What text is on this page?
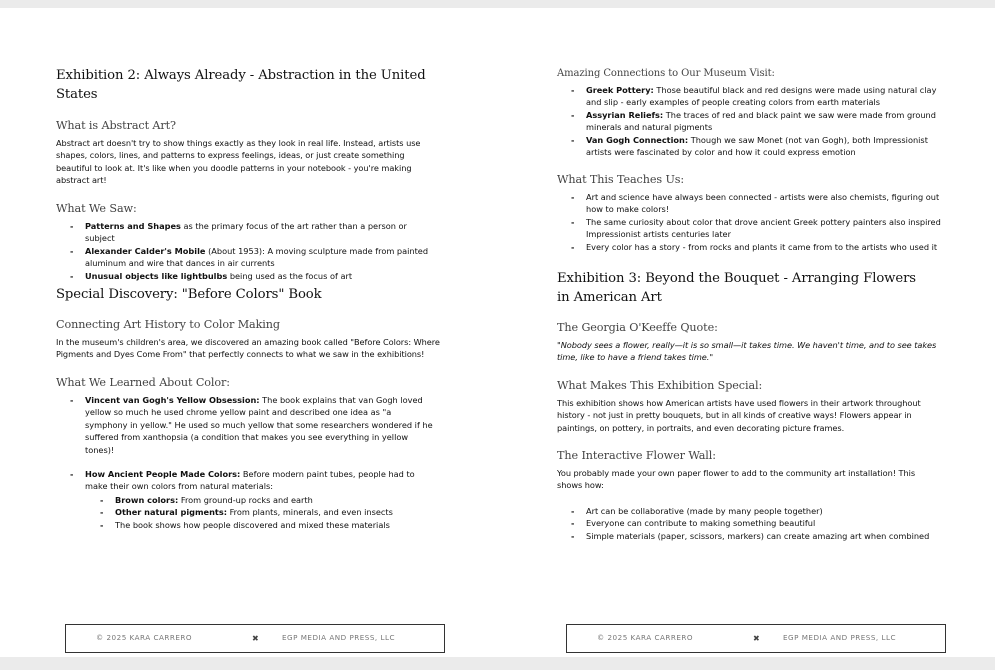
Exhibition 2: Always Already - Abstraction in the United States
What is Abstract Art?

Abstract art doesn't try to show things exactly as they look in real life. Instead, artists use shapes, colors, lines, and patterns to express feelings, ideas, or just create something beautiful to look at. It's like when you doodle patterns in your notebook - you're making abstract art!

What We Saw:
- Patterns and Shapes as the primary focus of the art rather than a person or subject
- Alexander Calder's Mobile (About 1953): A moving sculpture made from painted aluminum and wire that dances in air currents
- Unusual objects like lightbulbs being used as the focus of art
Special Discovery: "Before Colors" Book
Connecting Art History to Color Making

In the museum's children's area, we discovered an amazing book called "Before Colors: Where Pigments and Dyes Come From" that perfectly connects to what we saw in the exhibitions!

What We Learned About Color:
- Vincent van Gogh's Yellow Obsession: The book explains that van Gogh loved yellow so much he used chrome yellow paint and described one idea as "a symphony in yellow." He used so much yellow that some researchers wondered if he suffered from xanthopsia (a condition that makes you see everything in yellow tones)!
- How Ancient People Made Colors: Before modern paint tubes, people had to make their own colors from natural materials:
- Brown colors: From ground-up rocks and earth
- Other natural pigments: From plants, minerals, and even insects
- The book shows how people discovered and mixed these materials
© 2025 KARA CARRERO	✖	EGP MEDIA AND PRESS, LLC
Amazing Connections to Our Museum Visit:
- Greek Pottery: Those beautiful black and red designs were made using natural clay and slip - early examples of people creating colors from earth materials
- Assyrian Reliefs: The traces of red and black paint we saw were made from ground minerals and natural pigments
- Van Gogh Connection: Though we saw Monet (not van Gogh), both Impressionist artists were fascinated by color and how it could express emotion
What This Teaches Us:
- Art and science have always been connected - artists were also chemists, figuring out how to make colors!
- The same curiosity about color that drove ancient Greek pottery painters also inspired Impressionist artists centuries later
- Every color has a story - from rocks and plants it came from to the artists who used it
Exhibition 3: Beyond the Bouquet - Arranging Flowers in American Art
The Georgia O'Keeffe Quote:

"Nobody sees a flower, really—it is so small—it takes time. We haven't time, and to see takes time, like to have a friend takes time."

What Makes This Exhibition Special:

This exhibition shows how American artists have used flowers in their artwork throughout history - not just in pretty bouquets, but in all kinds of creative ways! Flowers appear in paintings, on pottery, in portraits, and even decorating picture frames.

The Interactive Flower Wall:

You probably made your own paper flower to add to the community art installation! This shows how:

- Art can be collaborative (made by many people together)
- Everyone can contribute to making something beautiful
- Simple materials (paper, scissors, markers) can create amazing art when combined
© 2025 KARA CARRERO	✖	EGP MEDIA AND PRESS, LLC
